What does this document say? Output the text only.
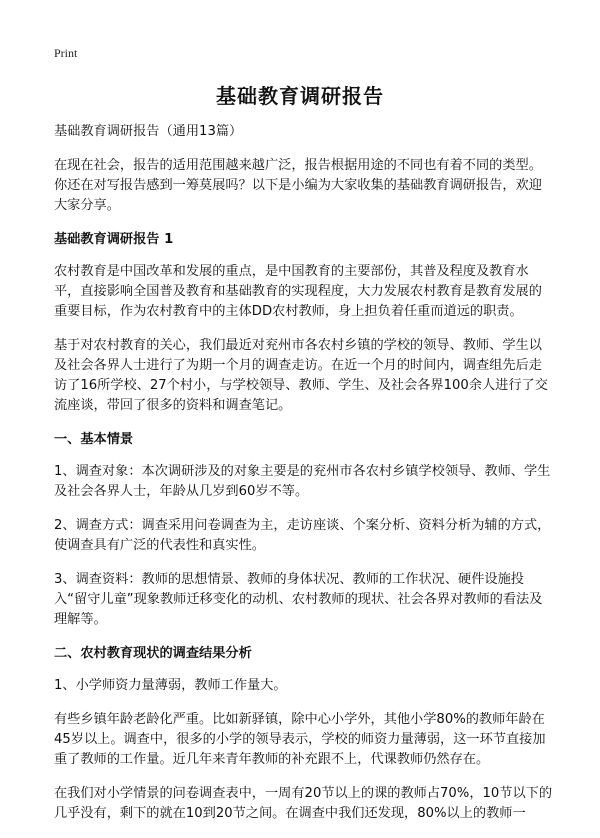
Print
基础教育调研报告

基础教育调研报告（通用13篇）

在现在社会，报告的适用范围越来越广泛，报告根据用途的不同也有着不同的类型。你还在对写报告感到一筹莫展吗？以下是小编为大家收集的基础教育调研报告，欢迎大家分享。

基础教育调研报告 1

农村教育是中国改革和发展的重点，是中国教育的主要部份，其普及程度及教育水平，直接影响全国普及教育和基础教育的实现程度，大力发展农村教育是教育发展的重要目标，作为农村教育中的主体DD农村教师，身上担负着任重而道远的职责。

基于对农村教育的关心，我们最近对兖州市各农村乡镇的学校的领导、教师、学生以及社会各界人士进行了为期一个月的调查走访。在近一个月的时间内，调查组先后走访了16所学校、27个村小，与学校领导、教师、学生、及社会各界100余人进行了交流座谈，带回了很多的资料和调查笔记。

一、基本情景

1、调查对象：本次调研涉及的对象主要是的兖州市各农村乡镇学校领导、教师、学生及社会各界人士，年龄从几岁到60岁不等。

2、调查方式：调查采用问卷调查为主，走访座谈、个案分析、资料分析为辅的方式，使调查具有广泛的代表性和真实性。

3、调查资料：教师的思想情景、教师的身体状况、教师的工作状况、硬件设施投入“留守儿童”现象教师迁移变化的动机、农村教师的现状、社会各界对教师的看法及理解等。

二、农村教育现状的调查结果分析

1、小学师资力量薄弱，教师工作量大。

有些乡镇年龄老龄化严重。比如新驿镇，除中心小学外，其他小学80%的教师年龄在45岁以上。调查中，很多的小学的领导表示，学校的师资力量薄弱，这一环节直接加重了教师的工作量。近几年来青年教师的补充跟不上，代课教师仍然存在。

在我们对小学情景的问卷调查表中，一周有20节以上的课的教师占70%，10节以下的几乎没有，剩下的就在10到20节之间。在调查中我们还发现，80%以上的教师一
